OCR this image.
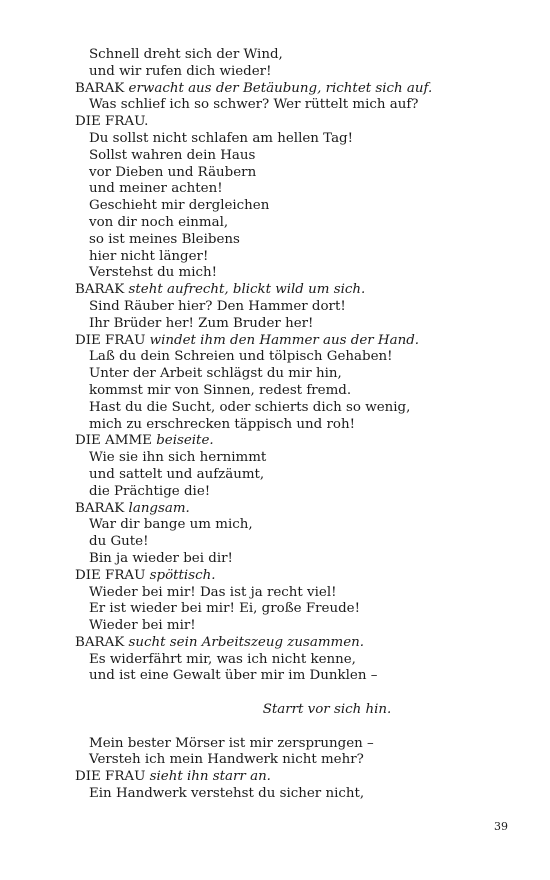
Schnell dreht sich der Wind,
und wir rufen dich wieder!
BARAK erwacht aus der Betäubung, richtet sich auf.
Was schlief ich so schwer? Wer rüttelt mich auf?
DIE FRAU.
Du sollst nicht schlafen am hellen Tag!
Sollst wahren dein Haus
vor Dieben und Räubern
und meiner achten!
Geschieht mir dergleichen
von dir noch einmal,
so ist meines Bleibens
hier nicht länger!
Verstehst du mich!
BARAK steht aufrecht, blickt wild um sich.
Sind Räuber hier? Den Hammer dort!
Ihr Brüder her! Zum Bruder her!
DIE FRAU windet ihm den Hammer aus der Hand.
Laß du dein Schreien und tölpisch Gehaben!
Unter der Arbeit schlägst du mir hin,
kommst mir von Sinnen, redest fremd.
Hast du die Sucht, oder schierts dich so wenig,
mich zu erschrecken täppisch und roh!
DIE AMME beiseite.
Wie sie ihn sich hernimmt
und sattelt und aufzäumt,
die Prächtige die!
BARAK langsam.
War dir bange um mich,
du Gute!
Bin ja wieder bei dir!
DIE FRAU spöttisch.
Wieder bei mir! Das ist ja recht viel!
Er ist wieder bei mir! Ei, große Freude!
Wieder bei mir!
BARAK sucht sein Arbeitszeug zusammen.
Es widerfährt mir, was ich nicht kenne,
und ist eine Gewalt über mir im Dunklen –
Starrt vor sich hin.
Mein bester Mörser ist mir zersprungen –
Versteh ich mein Handwerk nicht mehr?
DIE FRAU sieht ihn starr an.
Ein Handwerk verstehst du sicher nicht,
39
